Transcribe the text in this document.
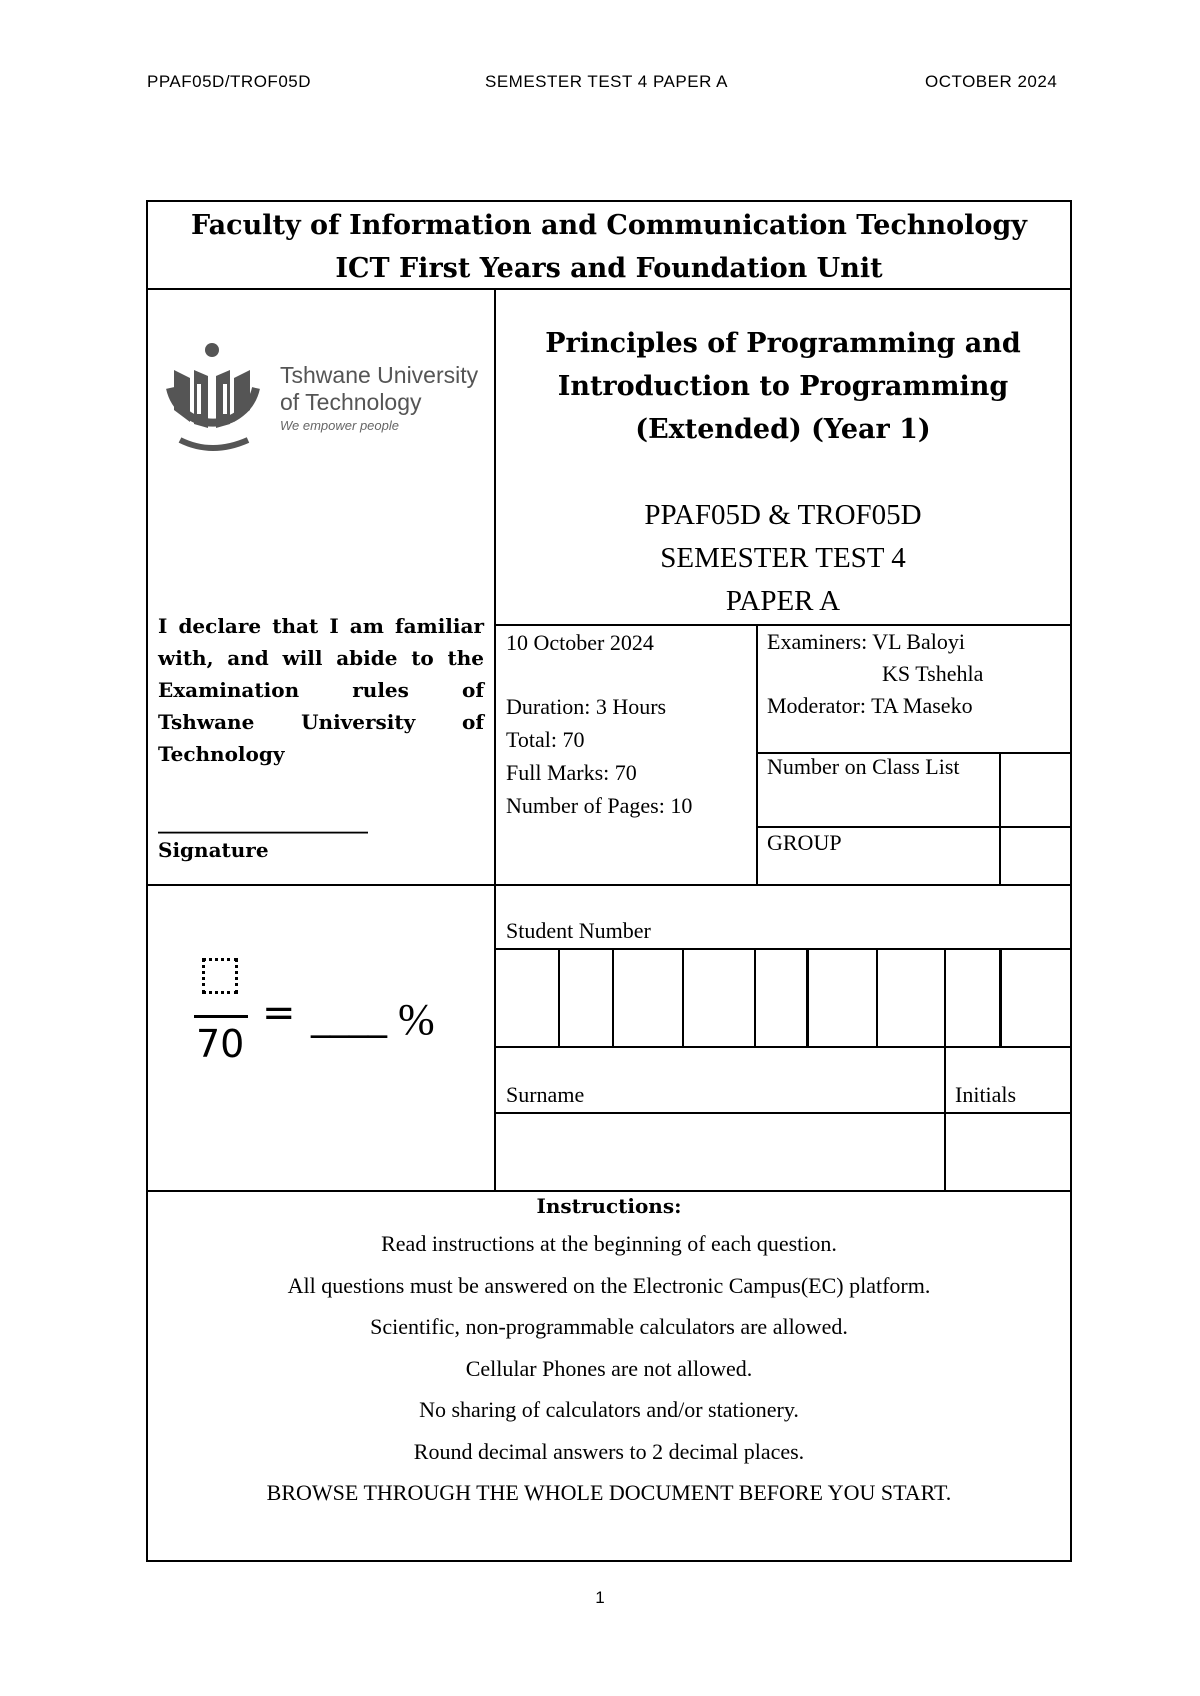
PPAF05D/TROF05D	SEMESTER TEST 4 PAPER A	OCTOBER 2024
Faculty of Information and Communication Technology
ICT First Years and Foundation Unit
Tshwane University
of Technology
We empower people
Principles of Programming and
Introduction to Programming
(Extended) (Year 1)
PPAF05D & TROF05D
SEMESTER TEST 4
PAPER A
I declare that I am familiar with, and will abide to the Examination rules of Tshwane University of Technology
_____________________
Signature
10 October 2024
Duration: 3 Hours
Total: 70
Full Marks: 70
Number of Pages: 10
Examiners: VL Baloyi
KS Tshehla
Moderator: TA Maseko
Number on Class List
GROUP
70
= ____ %
Student Number
Surname	Initials
Instructions:
Read instructions at the beginning of each question.
All questions must be answered on the Electronic Campus(EC) platform.
Scientific, non-programmable calculators are allowed.
Cellular Phones are not allowed.
No sharing of calculators and/or stationery.
Round decimal answers to 2 decimal places.
BROWSE THROUGH THE WHOLE DOCUMENT BEFORE YOU START.
1
